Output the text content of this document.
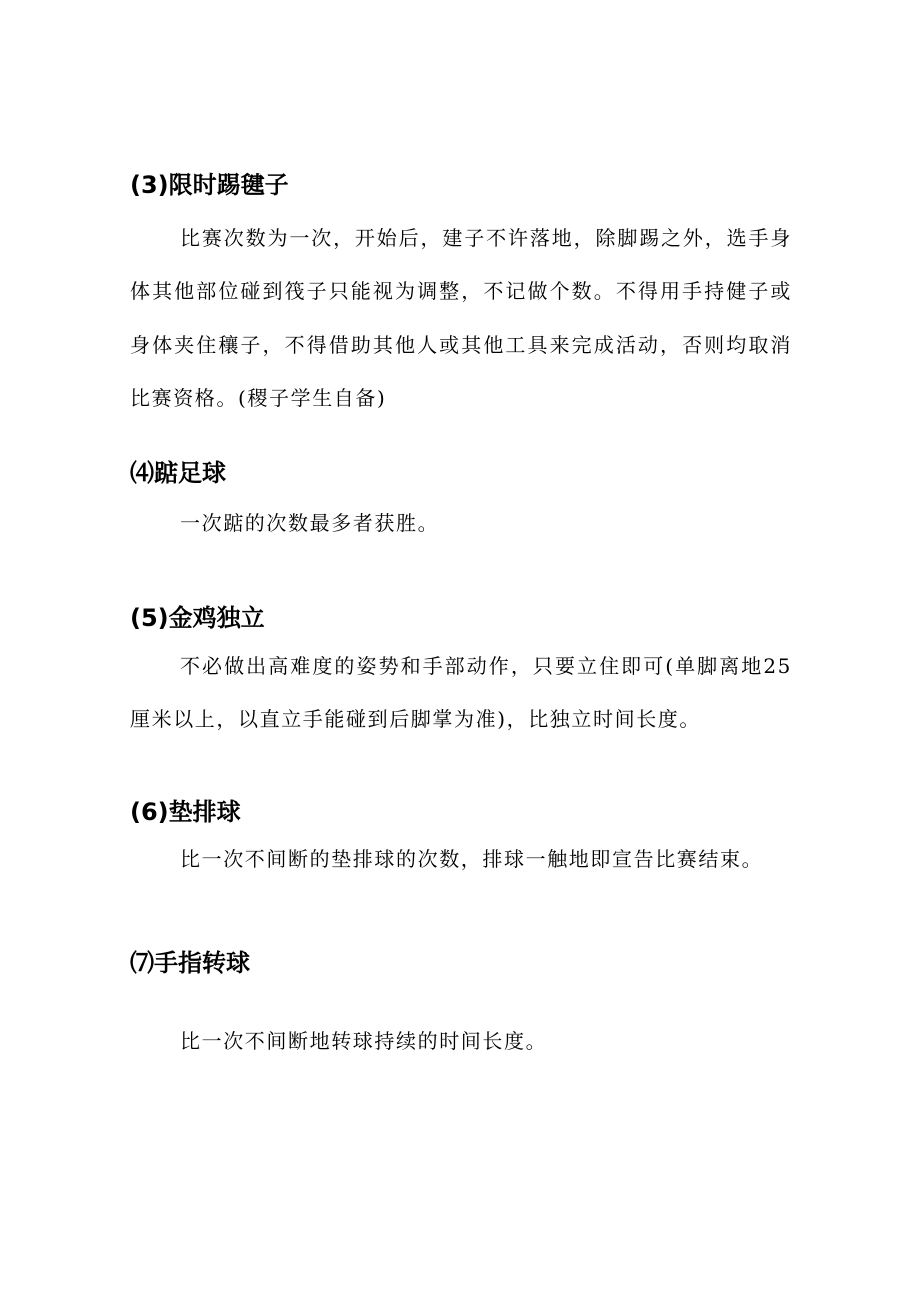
(3)限时踢毽子

比赛次数为一次，开始后，建子不许落地，除脚踢之外，选手身体其他部位碰到筏子只能视为调整，不记做个数。不得用手持健子或身体夹住穰子，不得借助其他人或其他工具来完成活动，否则均取消比赛资格。(稷子学生自备)

⑷踮足球

一次踮的次数最多者获胜。

(5)金鸡独立

不必做出高难度的姿势和手部动作，只要立住即可(单脚离地25厘米以上，以直立手能碰到后脚掌为准)，比独立时间长度。

(6)垫排球

比一次不间断的垫排球的次数，排球一触地即宣告比赛结束。

⑺手指转球

比一次不间断地转球持续的时间长度。
